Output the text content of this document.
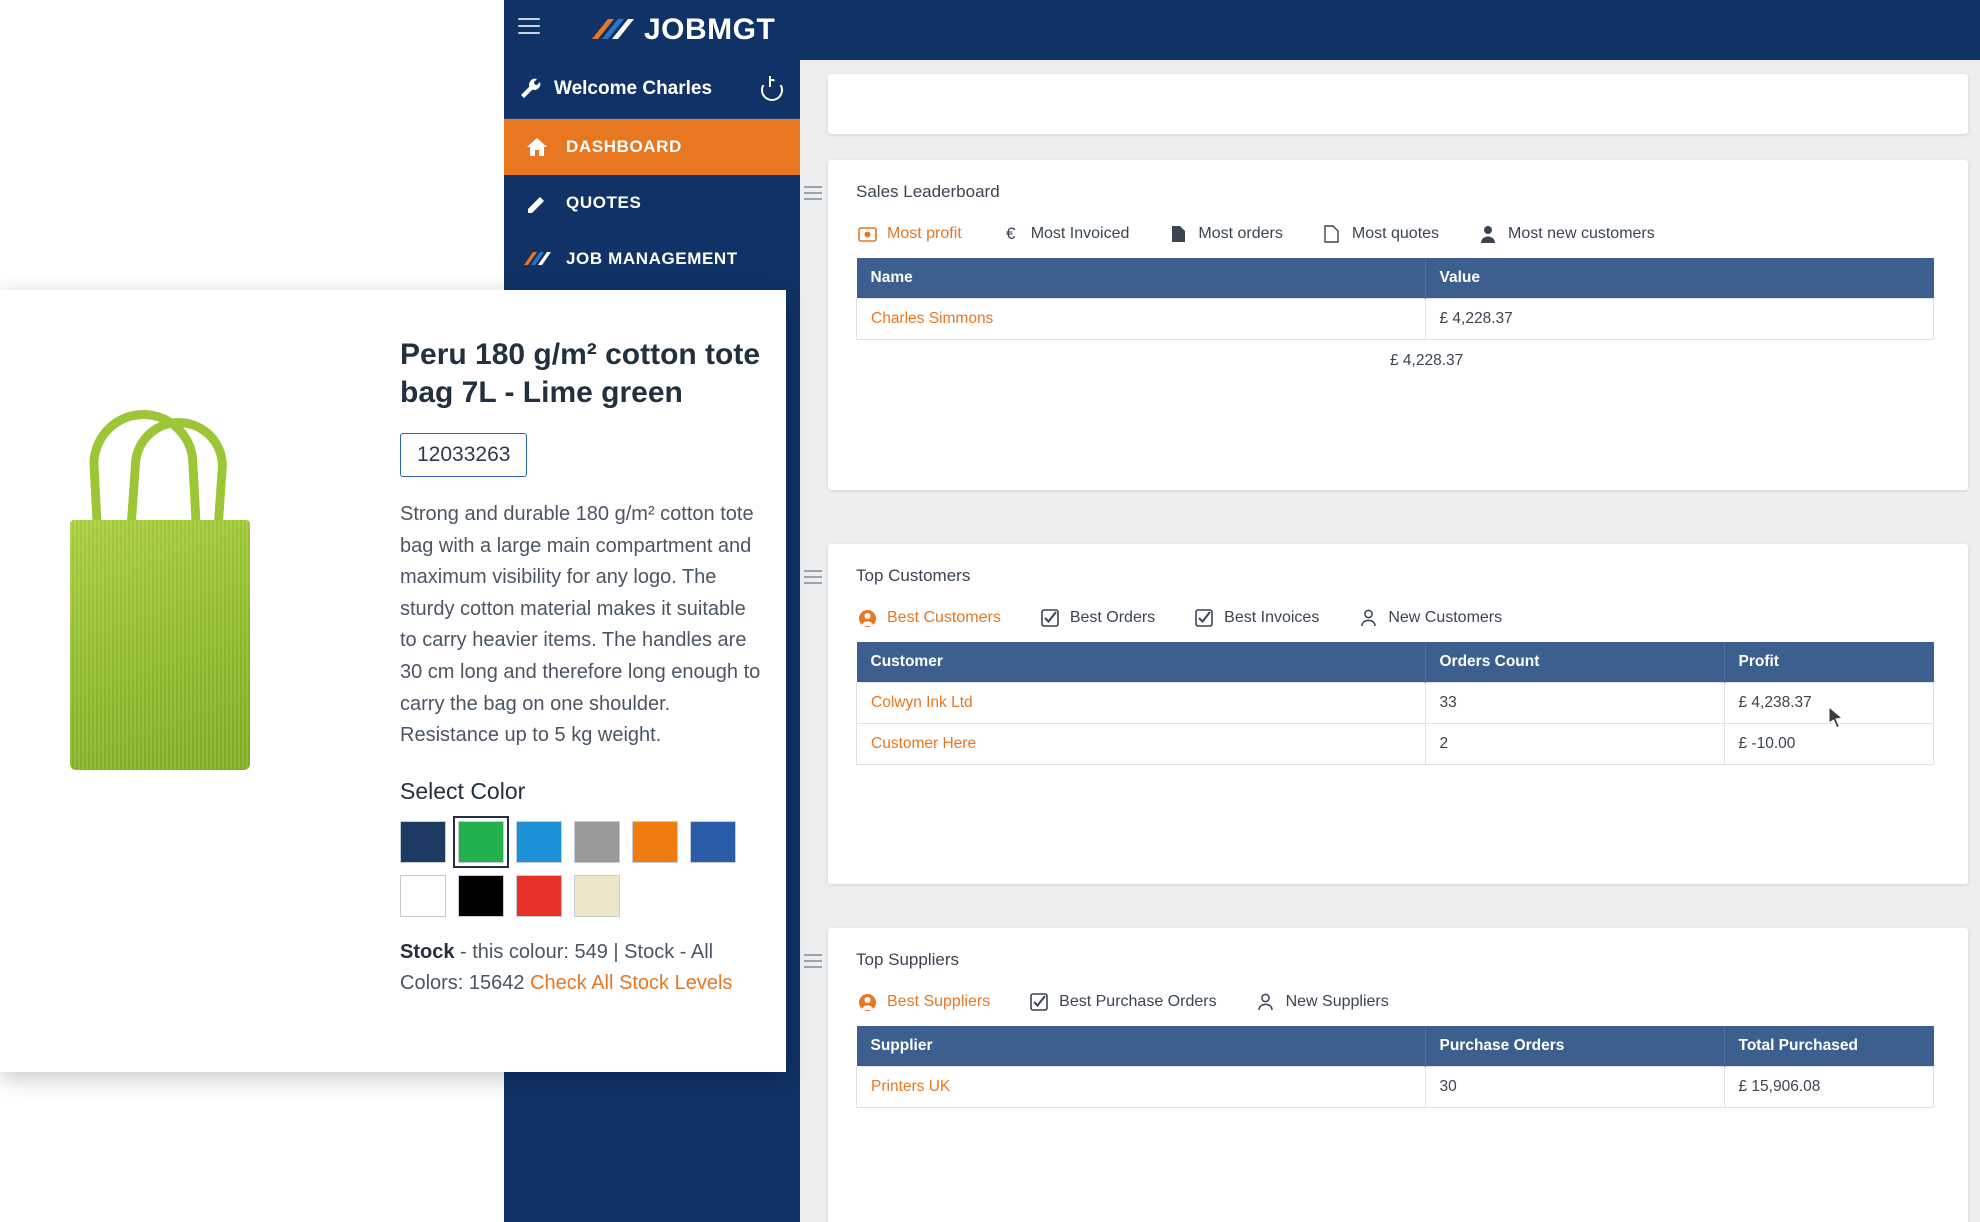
JOBMGT
Welcome Charles
DASHBOARD
QUOTES
JOB MANAGEMENT
Sales Leaderboard
Most profit	€ Most Invoiced	Most orders	Most quotes	Most new customers
Name	Value
Charles Simmons	£ 4,228.37
£ 4,228.37
Top Customers
Best Customers	Best Orders	Best Invoices	New Customers
Customer	Orders Count	Profit
Colwyn Ink Ltd	33	£ 4,238.37
Customer Here	2	£ -10.00
Top Suppliers
Best Suppliers	Best Purchase Orders	New Suppliers
Supplier	Purchase Orders	Total Purchased
Printers UK	30	£ 15,906.08
Peru 180 g/m² cotton tote bag 7L - Lime green
12033263

Strong and durable 180 g/m² cotton tote bag with a large main compartment and maximum visibility for any logo. The sturdy cotton material makes it suitable to carry heavier items. The handles are 30 cm long and therefore long enough to carry the bag on one shoulder. Resistance up to 5 kg weight.

Select Color
Stock - this colour: 549 | Stock - All Colors: 15642 Check All Stock Levels
